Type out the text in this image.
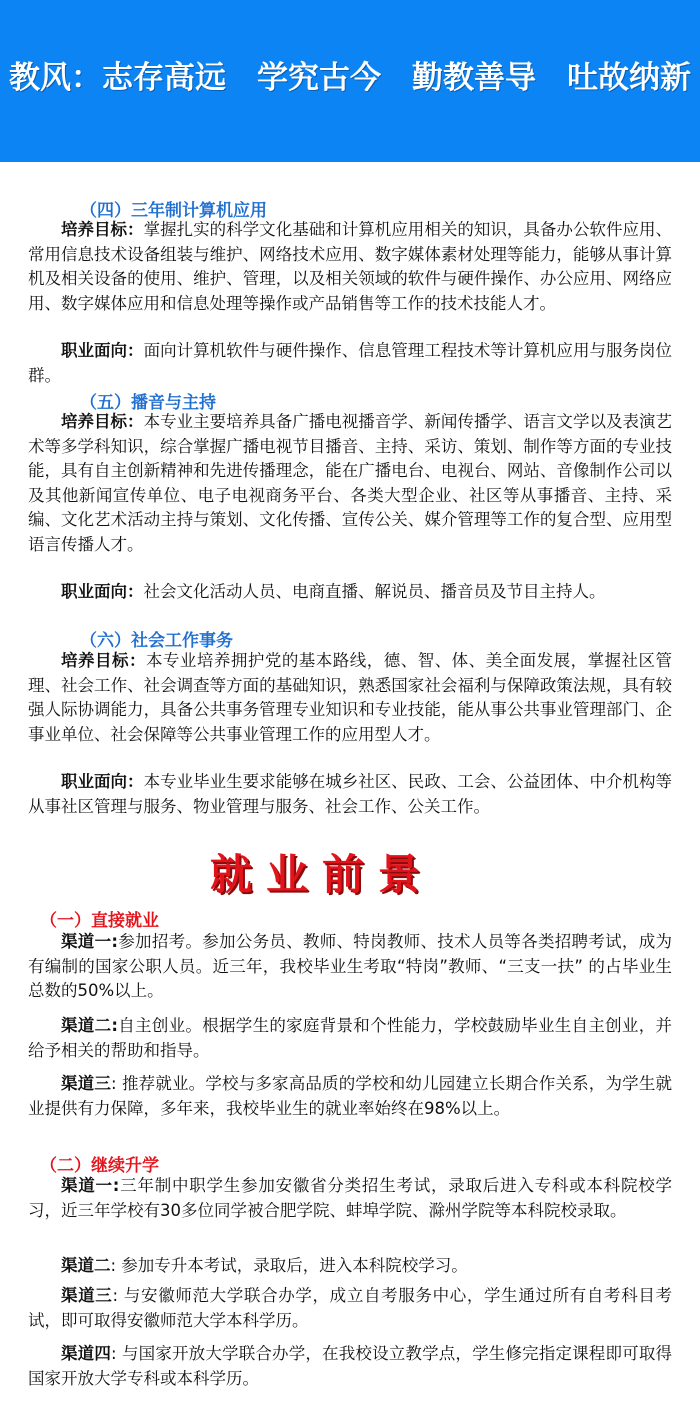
教风：志存高远　学究古今　勤教善导　吐故纳新
（四）三年制计算机应用
培养目标：掌握扎实的科学文化基础和计算机应用相关的知识，具备办公软件应用、常用信息技术设备组装与维护、网络技术应用、数字媒体素材处理等能力，能够从事计算机及相关设备的使用、维护、管理，以及相关领域的软件与硬件操作、办公应用、网络应用、数字媒体应用和信息处理等操作或产品销售等工作的技术技能人才。
职业面向：面向计算机软件与硬件操作、信息管理工程技术等计算机应用与服务岗位群。
（五）播音与主持
培养目标：本专业主要培养具备广播电视播音学、新闻传播学、语言文学以及表演艺术等多学科知识，综合掌握广播电视节目播音、主持、采访、策划、制作等方面的专业技能，具有自主创新精神和先进传播理念，能在广播电台、电视台、网站、音像制作公司以及其他新闻宣传单位、电子电视商务平台、各类大型企业、社区等从事播音、主持、采编、文化艺术活动主持与策划、文化传播、宣传公关、媒介管理等工作的复合型、应用型语言传播人才。
职业面向：社会文化活动人员、电商直播、解说员、播音员及节目主持人。
（六）社会工作事务
培养目标：本专业培养拥护党的基本路线，德、智、体、美全面发展，掌握社区管理、社会工作、社会调查等方面的基础知识，熟悉国家社会福利与保障政策法规，具有较强人际协调能力，具备公共事务管理专业知识和专业技能，能从事公共事业管理部门、企事业单位、社会保障等公共事业管理工作的应用型人才。
职业面向：本专业毕业生要求能够在城乡社区、民政、工会、公益团体、中介机构等从事社区管理与服务、物业管理与服务、社会工作、公关工作。
就业前景
（一）直接就业
渠道一:参加招考。参加公务员、教师、特岗教师、技术人员等各类招聘考试，成为有编制的国家公职人员。近三年，我校毕业生考取“特岗”教师、“三支一扶” 的占毕业生总数的50%以上。
渠道二:自主创业。根据学生的家庭背景和个性能力，学校鼓励毕业生自主创业，并给予相关的帮助和指导。
渠道三: 推荐就业。学校与多家高品质的学校和幼儿园建立长期合作关系，为学生就业提供有力保障，多年来，我校毕业生的就业率始终在98%以上。
（二）继续升学
渠道一:三年制中职学生参加安徽省分类招生考试，录取后进入专科或本科院校学习，近三年学校有30多位同学被合肥学院、蚌埠学院、滁州学院等本科院校录取。
渠道二: 参加专升本考试，录取后，进入本科院校学习。
渠道三: 与安徽师范大学联合办学，成立自考服务中心，学生通过所有自考科目考试，即可取得安徽师范大学本科学历。
渠道四: 与国家开放大学联合办学，在我校设立教学点，学生修完指定课程即可取得国家开放大学专科或本科学历。
